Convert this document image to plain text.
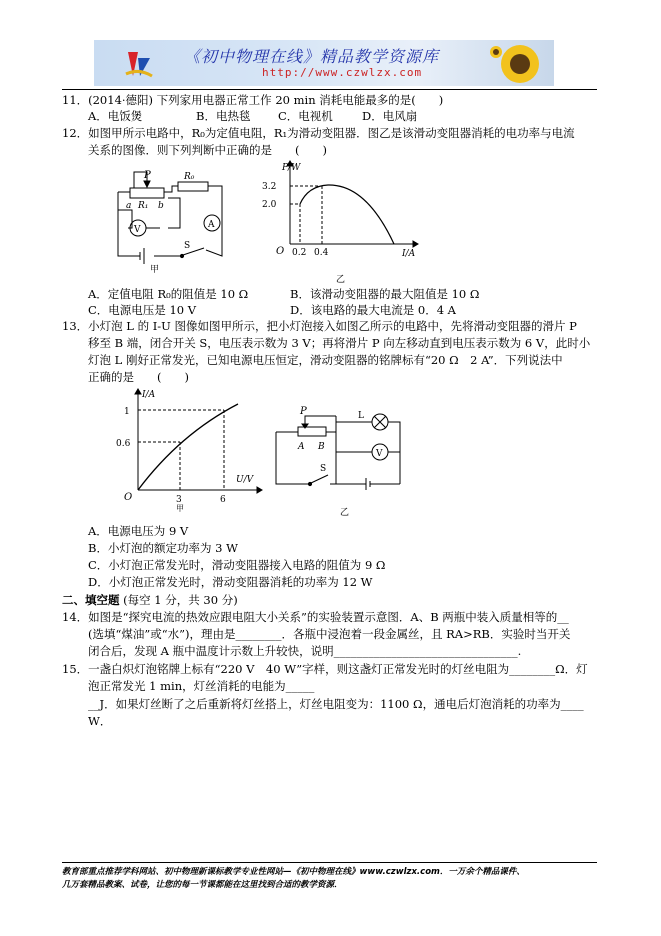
《初中物理在线》精品教学资源库
http://www.czwlzx.com
11．(2014·德阳) 下列家用电器正常工作 20 min 消耗电能最多的是(　　)
A．电饭煲	B．电热毯 C．电视机	D．电风扇
12．如图甲所示电路中，R₀为定值电阻，R₁为滑动变阻器．图乙是该滑动变阻器消耗的电功率与电流
关系的图像．则下列判断中正确的是　　(　　)
P
a R₁ b
R₀
V	A
S
甲
P/W
I/A
O
3.2
2.0
0.2 0.4
乙
A．定值电阻 R₀的阻值是 10 Ω	B．该滑动变阻器的最大阻值是 10 Ω
C．电源电压是 10 V	D．该电路的最大电流是 0．4 A
13．小灯泡 L 的 I-U 图像如图甲所示，把小灯泡接入如图乙所示的电路中，先将滑动变阻器的滑片 P
移至 B 端，闭合开关 S，电压表示数为 3 V；再将滑片 P 向左移动直到电压表示数为 6 V，此时小
灯泡 L 刚好正常发光，已知电源电压恒定，滑动变阻器的铭牌标有“20 Ω　2 A”．下列说法中
正确的是　　(　　)
I/A
U/V
O
1
0.6
3	6
甲
P
A B
L
V
S
乙
A．电源电压为 9 V
B．小灯泡的额定功率为 3 W
C．小灯泡正常发光时，滑动变阻器接入电路的阻值为 9 Ω
D．小灯泡正常发光时，滑动变阻器消耗的功率为 12 W
二、填空题 (每空 1 分，共 30 分)
14．如图是“探究电流的热效应跟电阻大小关系”的实验装置示意图．A、B 两瓶中装入质量相等的__
(选填“煤油”或“水”)，理由是________．各瓶中浸泡着一段金属丝，且 RA>RB．实验时当开关
闭合后，发现 A 瓶中温度计示数上升较快，说明________________________________.
15．一盏白炽灯泡铭牌上标有“220 V　40 W”字样，则这盏灯正常发光时的灯丝电阻为________Ω．灯
泡正常发光 1 min，灯丝消耗的电能为_____
__J．如果灯丝断了之后重新将灯丝搭上，灯丝电阻变为：1100 Ω，通电后灯泡消耗的功率为____
W．
教育部重点推荐学科网站、初中物理新课标教学专业性网站—《初中物理在线》www.czwlzx.com．一万余个精品课件、
几万套精品教案、试卷，让您的每一节课都能在这里找到合适的教学资源．
